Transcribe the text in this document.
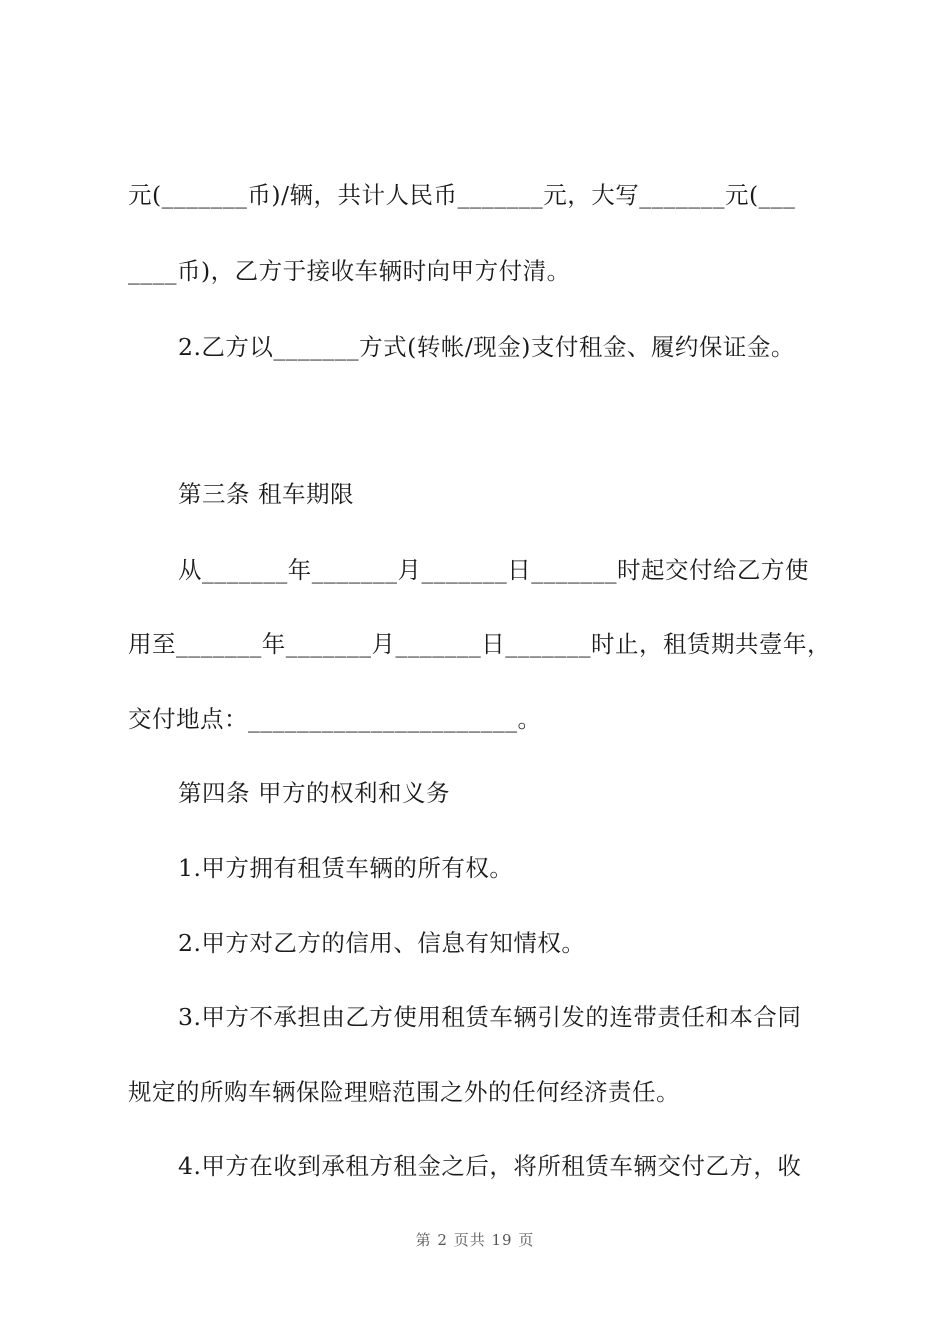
元(_______币)/辆，共计人民币_______元，大写_______元(___
____币)，乙方于接收车辆时向甲方付清。
2.乙方以_______方式(转帐/现金)支付租金、履约保证金。
第三条 租车期限
从_______年_______月_______日_______时起交付给乙方使
用至_______年_______月_______日_______时止，租赁期共壹年，
交付地点：______________________。
第四条 甲方的权利和义务
1.甲方拥有租赁车辆的所有权。
2.甲方对乙方的信用、信息有知情权。
3.甲方不承担由乙方使用租赁车辆引发的连带责任和本合同
规定的所购车辆保险理赔范围之外的任何经济责任。
4.甲方在收到承租方租金之后，将所租赁车辆交付乙方，收
第 2 页共 19 页
